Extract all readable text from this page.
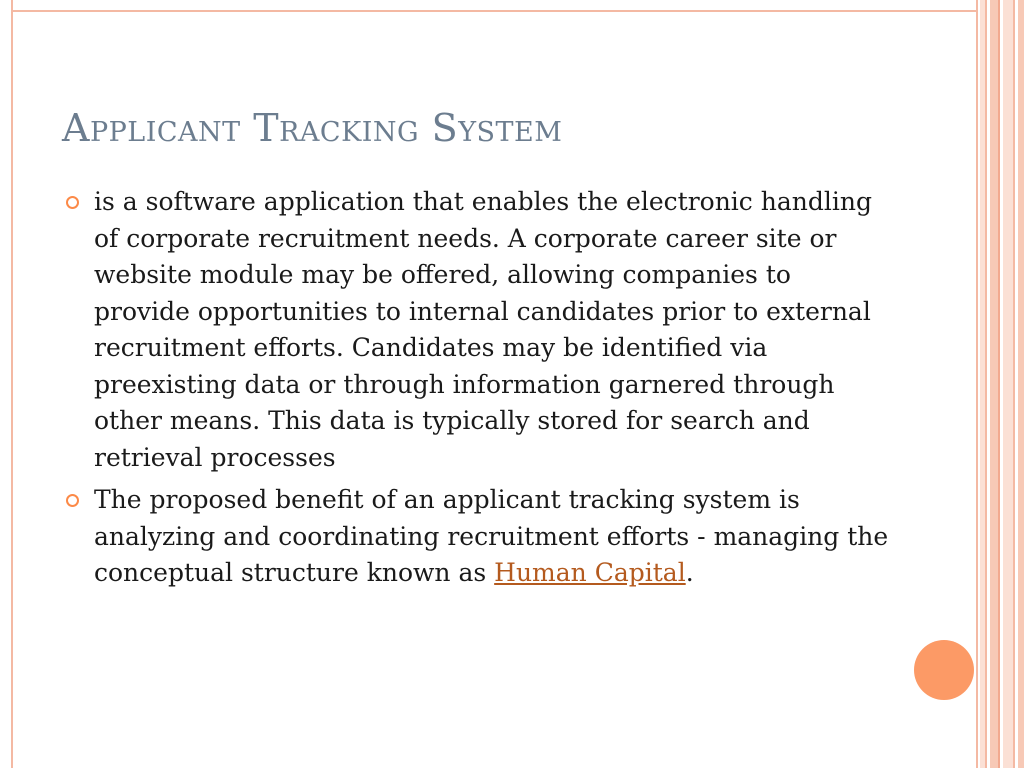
Applicant Tracking System
is a software application that enables the electronic handling of corporate recruitment needs. A corporate career site or website module may be offered, allowing companies to provide opportunities to internal candidates prior to external recruitment efforts. Candidates may be identified via preexisting data or through information garnered through other means. This data is typically stored for search and retrieval processes
The proposed benefit of an applicant tracking system is analyzing and coordinating recruitment efforts - managing the conceptual structure known as Human Capital.
